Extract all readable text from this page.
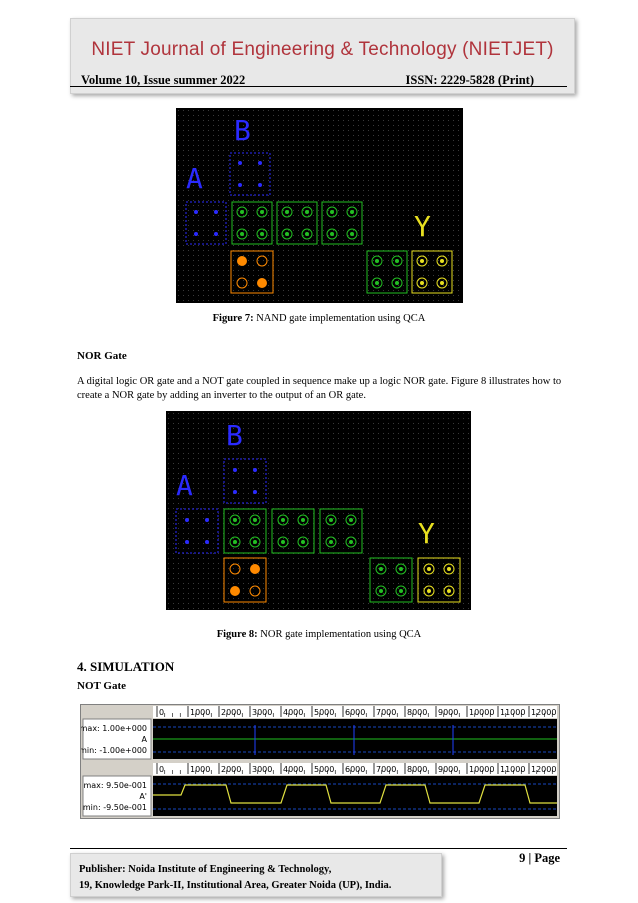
NIET Journal of Engineering & Technology (NIETJET)
Volume 10, Issue summer 2022	ISSN: 2229-5828 (Print)
B
A
Y
Figure 7: NAND gate implementation using QCA
NOR Gate
A digital logic OR gate and a NOT gate coupled in sequence make up a logic NOR gate. Figure 8 illustrates how to create a NOR gate by adding an inverter to the output of an OR gate.
B
A
Y
Figure 8: NOR gate implementation using QCA
4. SIMULATION
NOT Gate
max: 1.00e+000
A
min: -1.00e+000
max: 9.50e-001
A'
min: -9.50e-001
0	1000 2000 3000 4000 5000 6000 7000 8000 9000 10000 11000 12000
0	1000 2000 3000 4000 5000 6000 7000 8000 9000 10000 11000 12000
9 | Page
Publisher: Noida Institute of Engineering & Technology,
19, Knowledge Park-II, Institutional Area, Greater Noida (UP), India.
